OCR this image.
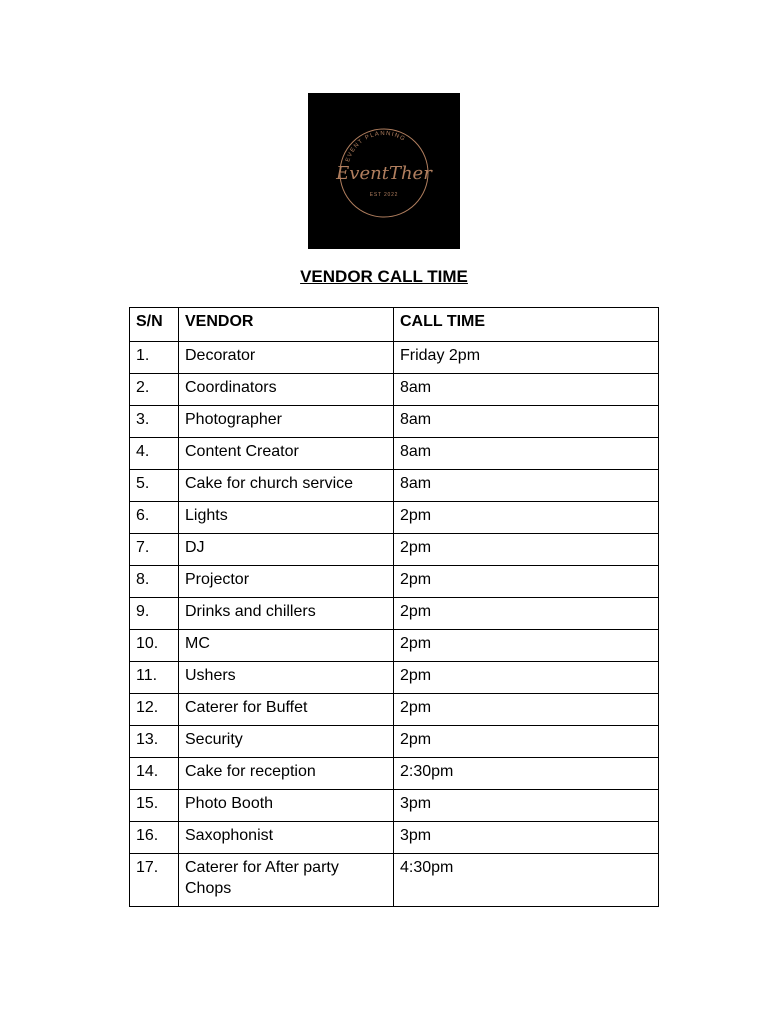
EVENT PLANNING
EventTher
EST 2022
VENDOR CALL TIME
S/N	VENDOR	CALL TIME
1.	Decorator	Friday 2pm
2.	Coordinators	8am
3.	Photographer	8am
4.	Content Creator	8am
5.	Cake for church service	8am
6.	Lights	2pm
7.	DJ	2pm
8.	Projector	2pm
9.	Drinks and chillers	2pm
10.	MC	2pm
11.	Ushers	2pm
12.	Caterer for Buffet	2pm
13.	Security	2pm
14.	Cake for reception	2:30pm
15.	Photo Booth	3pm
16.	Saxophonist	3pm
17.	Caterer for After party Chops	4:30pm
